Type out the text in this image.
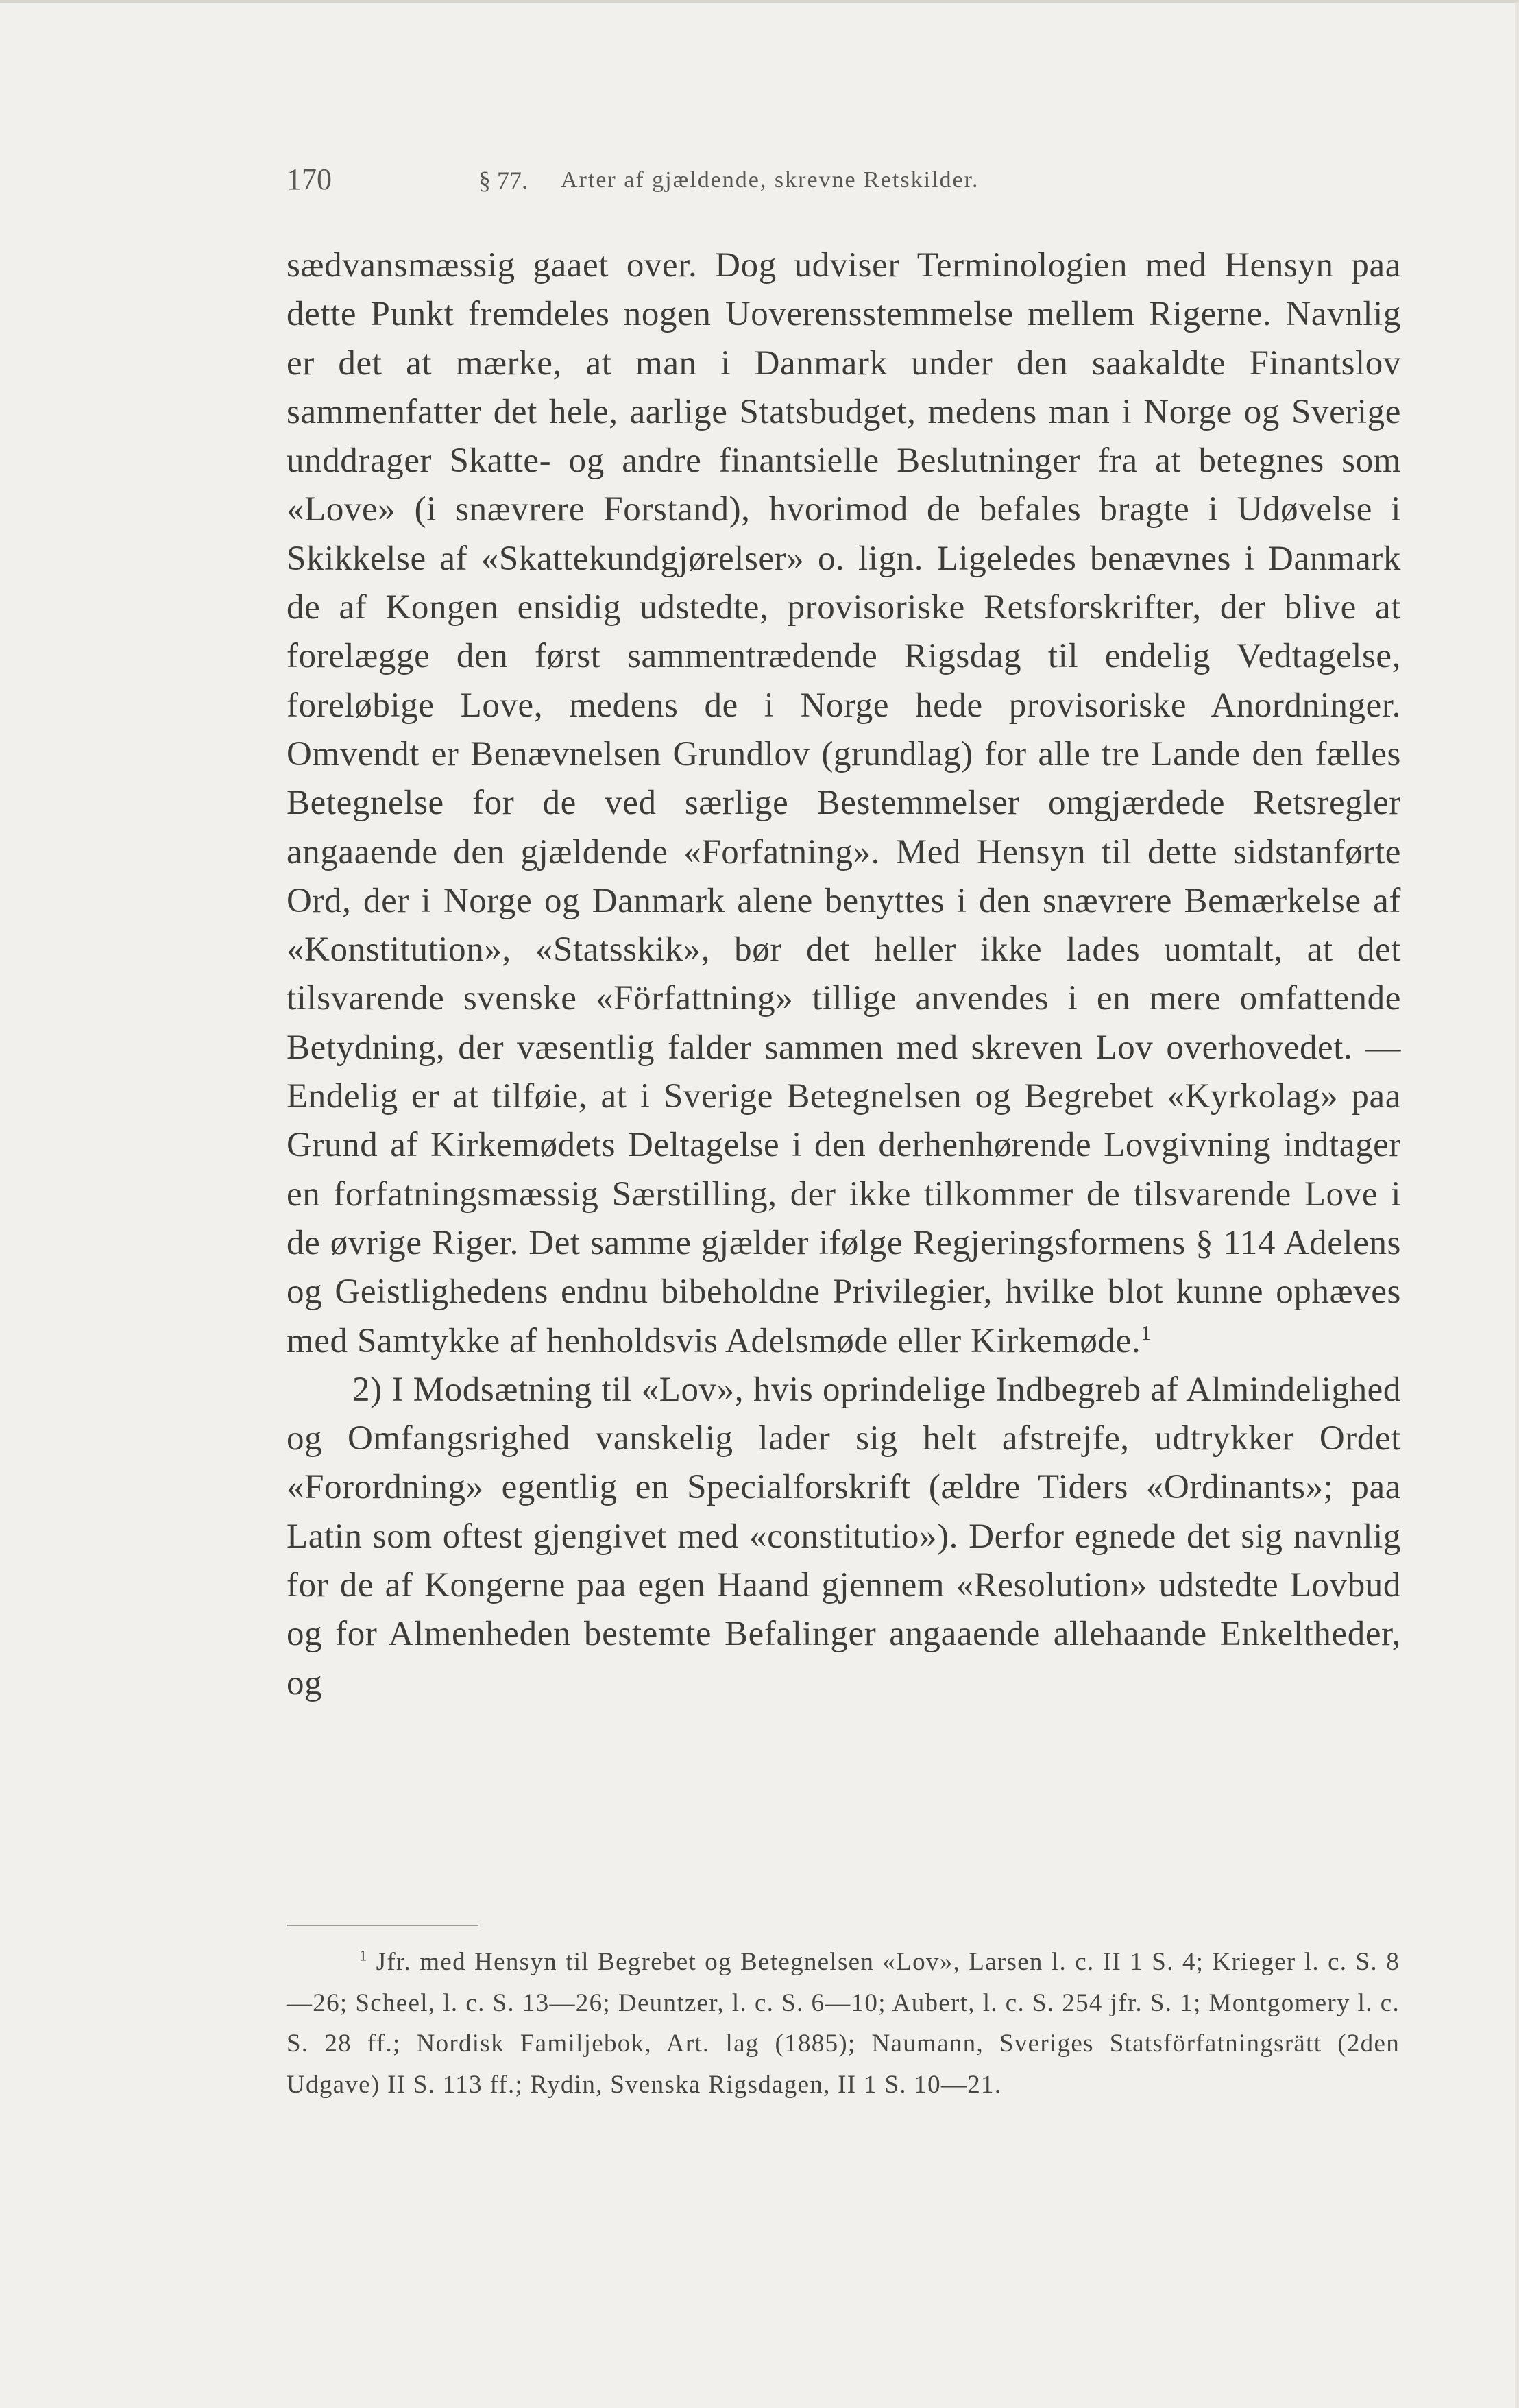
170	§ 77. Arter af gjældende, skrevne Retskilder.

sædvansmæssig gaaet over. Dog udviser Terminologien med Hensyn paa dette Punkt fremdeles nogen Uoverensstemmelse mellem Rigerne. Navnlig er det at mærke, at man i Danmark under den saakaldte Finantslov sammenfatter det hele, aarlige Statsbudget, medens man i Norge og Sverige unddrager Skatte- og andre finantsielle Beslutninger fra at betegnes som «Love» (i snævrere Forstand), hvorimod de befales bragte i Udøvelse i Skikkelse af «Skattekundgjørelser» o. lign. Ligeledes benævnes i Danmark de af Kongen ensidig udstedte, provisoriske Retsforskrifter, der blive at forelægge den først sammentrædende Rigsdag til endelig Vedtagelse, foreløbige Love, medens de i Norge hede provisoriske Anordninger. Omvendt er Benævnelsen Grundlov (grundlag) for alle tre Lande den fælles Betegnelse for de ved særlige Bestemmelser omgjærdede Retsregler angaaende den gjældende «Forfatning». Med Hensyn til dette sidstanførte Ord, der i Norge og Danmark alene benyttes i den snævrere Bemærkelse af «Konstitution», «Statsskik», bør det heller ikke lades uomtalt, at det tilsvarende svenske «Författning» tillige anvendes i en mere omfattende Betydning, der væsentlig falder sammen med skreven Lov overhovedet. — Endelig er at tilføie, at i Sverige Betegnelsen og Begrebet «Kyrkolag» paa Grund af Kirkemødets Deltagelse i den derhenhørende Lovgivning indtager en forfatningsmæssig Særstilling, der ikke tilkommer de tilsvarende Love i de øvrige Riger. Det samme gjælder ifølge Regjeringsformens § 114 Adelens og Geistlighedens endnu bibeholdne Privilegier, hvilke blot kunne ophæves med Samtykke af henholdsvis Adelsmøde eller Kirkemøde.$^1$

2) I Modsætning til «Lov», hvis oprindelige Indbegreb af Almindelighed og Omfangsrighed vanskelig lader sig helt afstrejfe, udtrykker Ordet «Forordning» egentlig en Specialforskrift (ældre Tiders «Ordinants»; paa Latin som oftest gjengivet med «constitutio»). Derfor egnede det sig navnlig for de af Kongerne paa egen Haand gjennem «Resolution» udstedte Lovbud og for Almenheden bestemte Befalinger angaaende allehaande Enkeltheder, og

$^1$ Jfr. med Hensyn til Begrebet og Betegnelsen «Lov», Larsen l. c. II 1 S. 4; Krieger l. c. S. 8—26; Scheel, l. c. S. 13—26; Deuntzer, l. c. S. 6—10; Aubert, l. c. S. 254 jfr. S. 1; Montgomery l. c. S. 28 ff.; Nordisk Familjebok, Art. lag (1885); Naumann, Sveriges Statsförfatningsrätt (2den Udgave) II S. 113 ff.; Rydin, Svenska Rigsdagen, II 1 S. 10—21.
